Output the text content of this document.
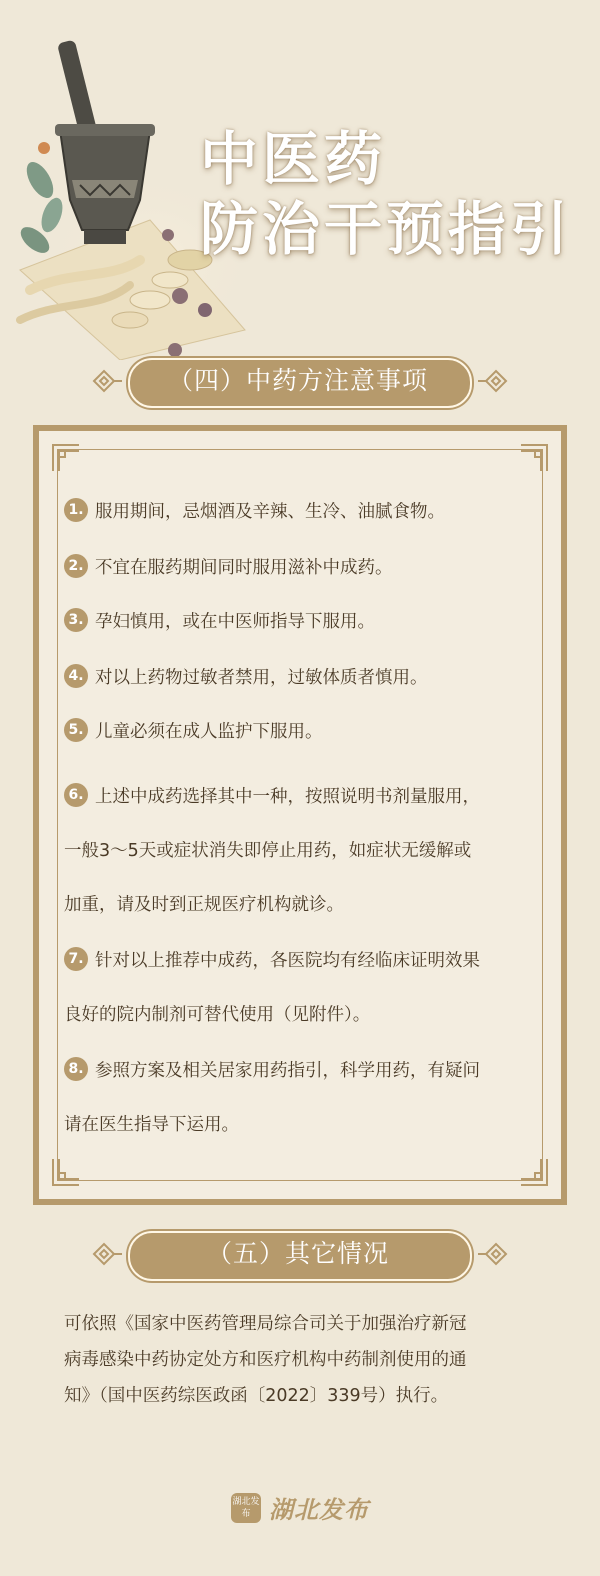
中医药
防治干预指引
（四）中药方注意事项
1. 服用期间，忌烟酒及辛辣、生冷、油腻食物。
2. 不宜在服药期间同时服用滋补中成药。
3. 孕妇慎用，或在中医师指导下服用。
4. 对以上药物过敏者禁用，过敏体质者慎用。
5. 儿童必须在成人监护下服用。
6. 上述中成药选择其中一种，按照说明书剂量服用，
一般3～5天或症状消失即停止用药，如症状无缓解或
加重，请及时到正规医疗机构就诊。
7. 针对以上推荐中成药，各医院均有经临床证明效果
良好的院内制剂可替代使用（见附件）。
8. 参照方案及相关居家用药指引，科学用药，有疑问
请在医生指导下运用。
（五）其它情况
可依照《国家中医药管理局综合司关于加强治疗新冠
病毒感染中药协定处方和医疗机构中药制剂使用的通
知》（国中医药综医政函〔2022〕339号）执行。
湖北发布 湖北发布
